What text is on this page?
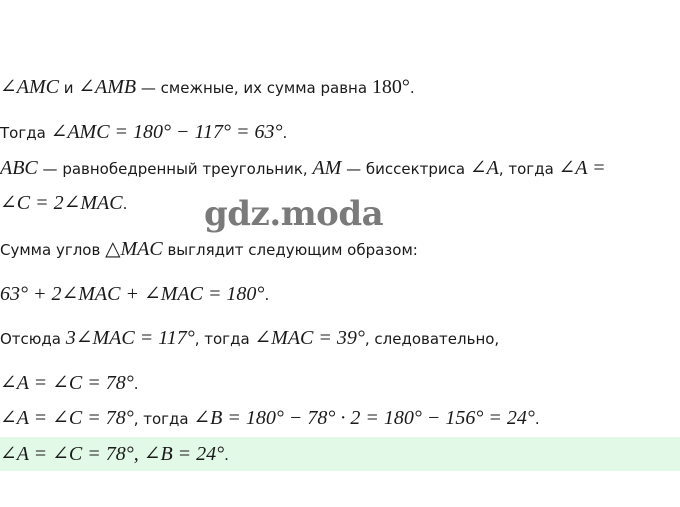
∠AMC и ∠AMB — смежные, их сумма равна 180°.
Тогда ∠AMC = 180° − 117° = 63°.
ABC — равнобедренный треугольник, AM — биссектриса ∠A, тогда ∠A =
∠C = 2∠MAC. gdz.moda
Сумма углов △MAC выглядит следующим образом:
63° + 2∠MAC + ∠MAC = 180°.
Отсюда 3∠MAC = 117°, тогда ∠MAC = 39°, следовательно,
∠A = ∠C = 78°.
∠A = ∠C = 78°, тогда ∠B = 180° − 78° · 2 = 180° − 156° = 24°.
∠A = ∠C = 78°, ∠B = 24°.
